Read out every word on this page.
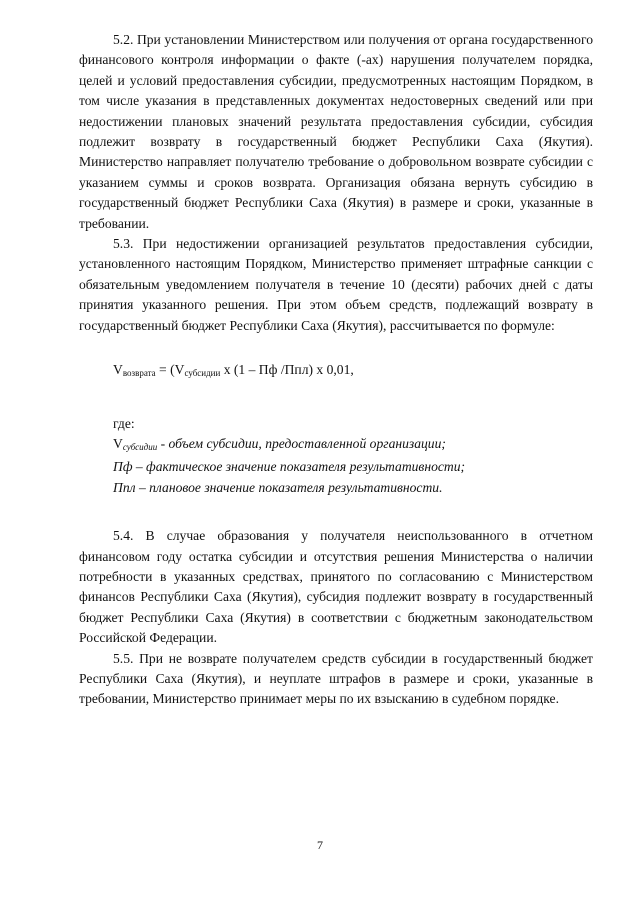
5.2. При установлении Министерством или получения от органа государственного финансового контроля информации о факте (-ах) нарушения получателем порядка, целей и условий предоставления субсидии, предусмотренных настоящим Порядком, в том числе указания в представленных документах недостоверных сведений или при недостижении плановых значений результата предоставления субсидии, субсидия подлежит возврату в государственный бюджет Республики Саха (Якутия). Министерство направляет получателю требование о добровольном возврате субсидии с указанием суммы и сроков возврата. Организация обязана вернуть субсидию в государственный бюджет Республики Саха (Якутия) в размере и сроки, указанные в требовании.

5.3. При недостижении организацией результатов предоставления субсидии, установленного настоящим Порядком, Министерство применяет штрафные санкции с обязательным уведомлением получателя в течение 10 (десяти) рабочих дней с даты принятия указанного решения. При этом объем средств, подлежащий возврату в государственный бюджет Республики Саха (Якутия), рассчитывается по формуле:

$V_{возврата} = (V_{субсидии}$ x (1 – Пф /Ппл) x 0,01,
где:
$V_{субсидии}$ - объем субсидии, предоставленной организации;
Пф – фактическое значение показателя результативности;
Ппл – плановое значение показателя результативности.

5.4. В случае образования у получателя неиспользованного в отчетном финансовом году остатка субсидии и отсутствия решения Министерства о наличии потребности в указанных средствах, принятого по согласованию с Министерством финансов Республики Саха (Якутия), субсидия подлежит возврату в государственный бюджет Республики Саха (Якутия) в соответствии с бюджетным законодательством Российской Федерации.

5.5. При не возврате получателем средств субсидии в государственный бюджет Республики Саха (Якутия), и неуплате штрафов в размере и сроки, указанные в требовании, Министерство принимает меры по их взысканию в судебном порядке.

7
